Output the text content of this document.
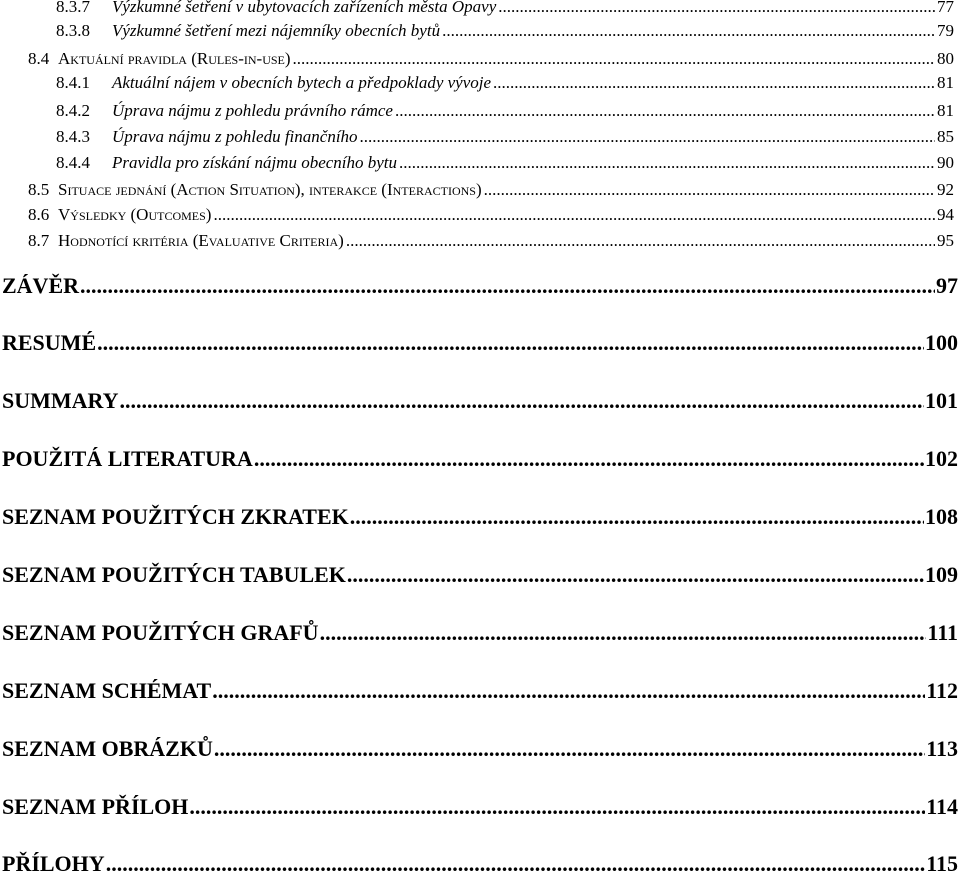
8.3.7	Výzkumné šetření v ubytovacích zařízeních města Opavy .....	77
8.3.8	Výzkumné šetření mezi nájemníky obecních bytů .....	79
8.4 Aktuální pravidla (Rules-in-use) .....	80
8.4.1	Aktuální nájem v obecních bytech a předpoklady vývoje .....	81
8.4.2	Úprava nájmu z pohledu právního rámce .....	81
8.4.3	Úprava nájmu z pohledu finančního .....	85
8.4.4	Pravidla pro získání nájmu obecního bytu .....	90
8.5 Situace jednání (Action Situation), interakce (Interactions) .....	92
8.6 Výsledky (Outcomes) .....	94
8.7 Hodnotící kritéria (Evaluative Criteria) .....	95
ZÁVĚR .....	97
RESUMÉ .....	100
SUMMARY .....	101
POUŽITÁ LITERATURA .....	102
SEZNAM POUŽITÝCH ZKRATEK .....	108
SEZNAM POUŽITÝCH TABULEK .....	109
SEZNAM POUŽITÝCH GRAFŮ .....	111
SEZNAM SCHÉMAT .....	112
SEZNAM OBRÁZKŮ .....	113
SEZNAM PŘÍLOH .....	114
PŘÍLOHY .....	115
